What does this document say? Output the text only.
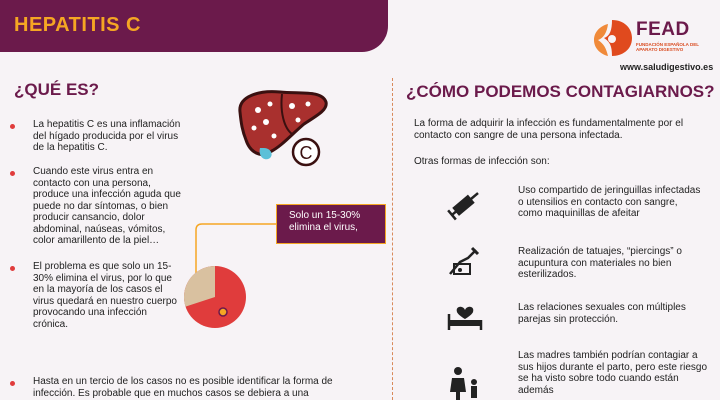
HEPATITIS C	FEAD
FUNDACIÓN ESPAÑOLA DEL APARATO DIGESTIVO
www.saludigestivo.es
¿QUÉ ES?
La hepatitis C es una inflamación del hígado producida por el virus de la hepatitis C.
Cuando este virus entra en contacto con una persona, produce una infección aguda que puede no dar síntomas, o bien producir cansancio, dolor abdominal, naúseas, vómitos, color amarillento de la piel…
El problema es que solo un 15-30% elimina el virus, por lo que en la mayoría de los casos el virus quedará en nuestro cuerpo provocando una infección crónica.
Hasta en un tercio de los casos no es posible identificar la forma de infección. Es probable que en muchos casos se debiera a una
C
Solo un 15-30% elimina el virus,
¿CÓMO PODEMOS CONTAGIARNOS?
La forma de adquirir la infección es fundamentalmente por el contacto con sangre de una persona infectada.
Otras formas de infección son:
Uso compartido de jeringuillas infectadas o utensilios en contacto con sangre, como maquinillas de afeitar
Realización de tatuajes, “piercings” o acupuntura con materiales no bien esterilizados.
Las relaciones sexuales con múltiples parejas sin protección.
Las madres también podrían contagiar a sus hijos durante el parto, pero este riesgo se ha visto sobre todo cuando están además
